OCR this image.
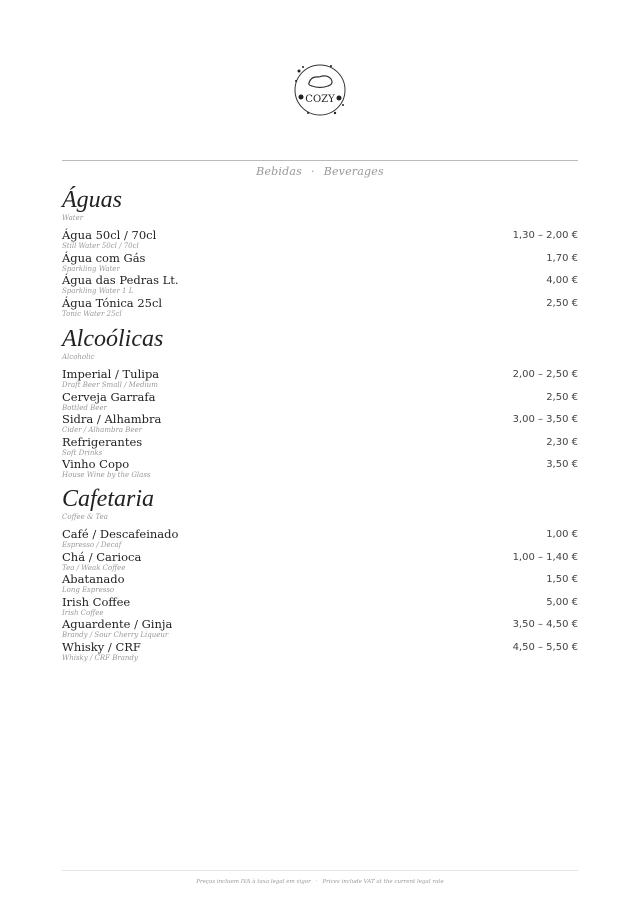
COZY
Bebidas · Beverages
Águas
Water
Água 50cl / 70cl
Still Water 50cl / 70cl
1,30 – 2,00 €
Água com Gás
Sparkling Water
1,70 €
Água das Pedras Lt.
Sparkling Water 1 L
4,00 €
Água Tónica 25cl
Tonic Water 25cl
2,50 €
Alcoólicas
Alcoholic
Imperial / Tulipa
Draft Beer Small / Medium
2,00 – 2,50 €
Cerveja Garrafa
Bottled Beer
2,50 €
Sidra / Alhambra
Cider / Alhambra Beer
3,00 – 3,50 €
Refrigerantes
Soft Drinks
2,30 €
Vinho Copo
House Wine by the Glass
3,50 €
Cafetaria
Coffee & Tea
Café / Descafeinado
Espresso / Decaf
1,00 €
Chá / Carioca
Tea / Weak Coffee
1,00 – 1,40 €
Abatanado
Long Espresso
1,50 €
Irish Coffee
Irish Coffee
5,00 €
Aguardente / Ginja
Brandy / Sour Cherry Liqueur
3,50 – 4,50 €
Whisky / CRF
Whisky / CRF Brandy
4,50 – 5,50 €
Preços incluem IVA à taxa legal em vigor · Prices include VAT at the current legal rate
